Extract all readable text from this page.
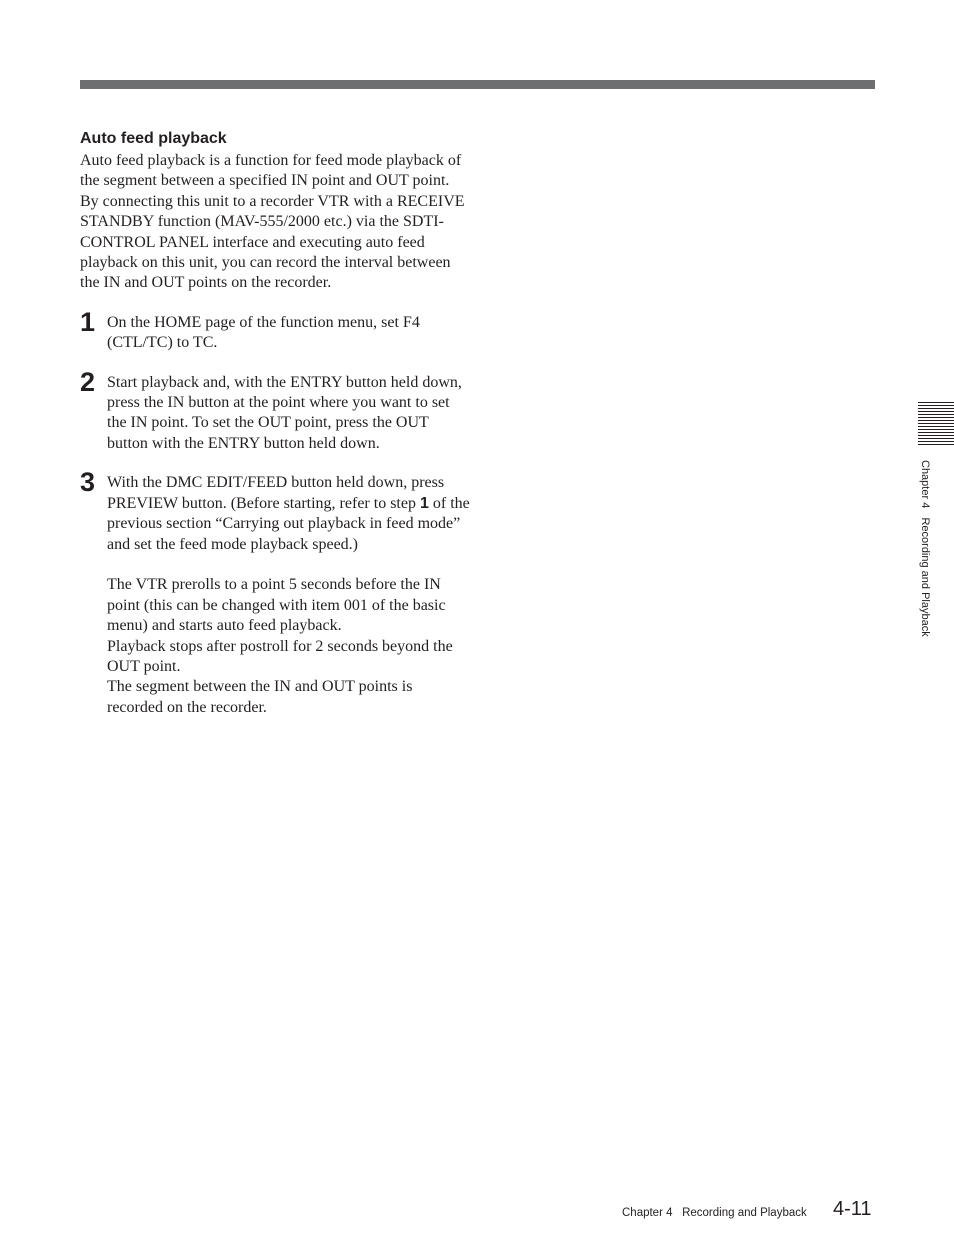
Auto feed playback

Auto feed playback is a function for feed mode playback of the segment between a specified IN point and OUT point.

By connecting this unit to a recorder VTR with a RECEIVE STANDBY function (MAV-555/2000 etc.) via the SDTI-CONTROL PANEL interface and executing auto feed playback on this unit, you can record the interval between the IN and OUT points on the recorder.

1 On the HOME page of the function menu, set F4 (CTL/TC) to TC.

2 Start playback and, with the ENTRY button held down, press the IN button at the point where you want to set the IN point. To set the OUT point, press the OUT button with the ENTRY button held down.

3 With the DMC EDIT/FEED button held down, press PREVIEW button. (Before starting, refer to step 1 of the previous section “Carrying out playback in feed mode” and set the feed mode playback speed.)

The VTR prerolls to a point 5 seconds before the IN point (this can be changed with item 001 of the basic menu) and starts auto feed playback.

Playback stops after postroll for 2 seconds beyond the OUT point.

The segment between the IN and OUT points is recorded on the recorder.

Chapter 4   Recording and Playback
Chapter 4   Recording and Playback 4-11
